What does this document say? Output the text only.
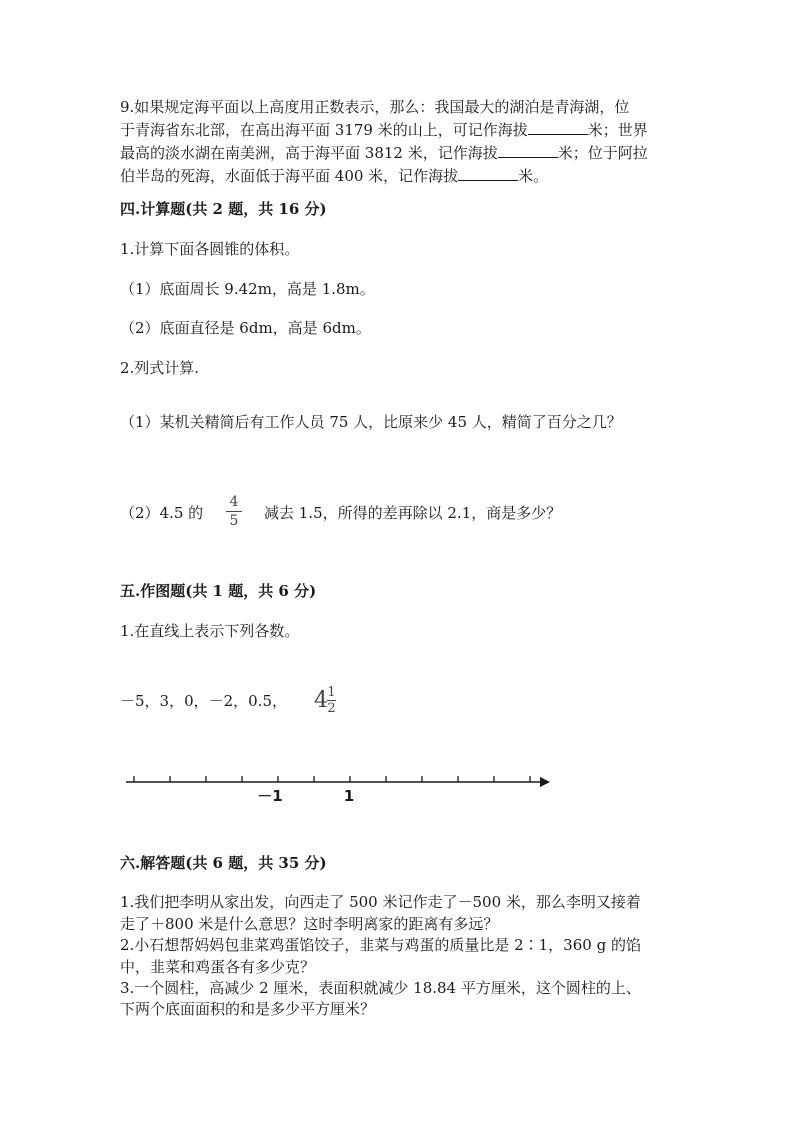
9.如果规定海平面以上高度用正数表示，那么：我国最大的湖泊是青海湖，位
于青海省东北部，在高出海平面 3179 米的山上，可记作海拔	米；世界
最高的淡水湖在南美洲，高于海平面 3812 米，记作海拔	米；位于阿拉
伯半岛的死海，水面低于海平面 400 米，记作海拔	米。
四.计算题(共 2 题，共 16 分)
1.计算下面各圆锥的体积。
（1）底面周长 9.42m，高是 1.8m。
（2）底面直径是 6dm，高是 6dm。
2.列式计算.
（1）某机关精简后有工作人员 75 人，比原来少 45 人，精简了百分之几？
（2）4.5 的
4
5 减去 1.5，所得的差再除以 2.1，商是多少？
五.作图题(共 1 题，共 6 分)
1.在直线上表示下列各数。
－5，3，0，－2，0.5， 4 1
2
－1	1
六.解答题(共 6 题，共 35 分)
1.我们把李明从家出发，向西走了 500 米记作走了－500 米，那么李明又接着
走了＋800 米是什么意思？这时李明离家的距离有多远？
2.小石想帮妈妈包韭菜鸡蛋馅饺子，韭菜与鸡蛋的质量比是 2∶1，360 g 的馅
中，韭菜和鸡蛋各有多少克？
3.一个圆柱，高减少 2 厘米，表面积就减少 18.84 平方厘米，这个圆柱的上、
下两个底面面积的和是多少平方厘米？
